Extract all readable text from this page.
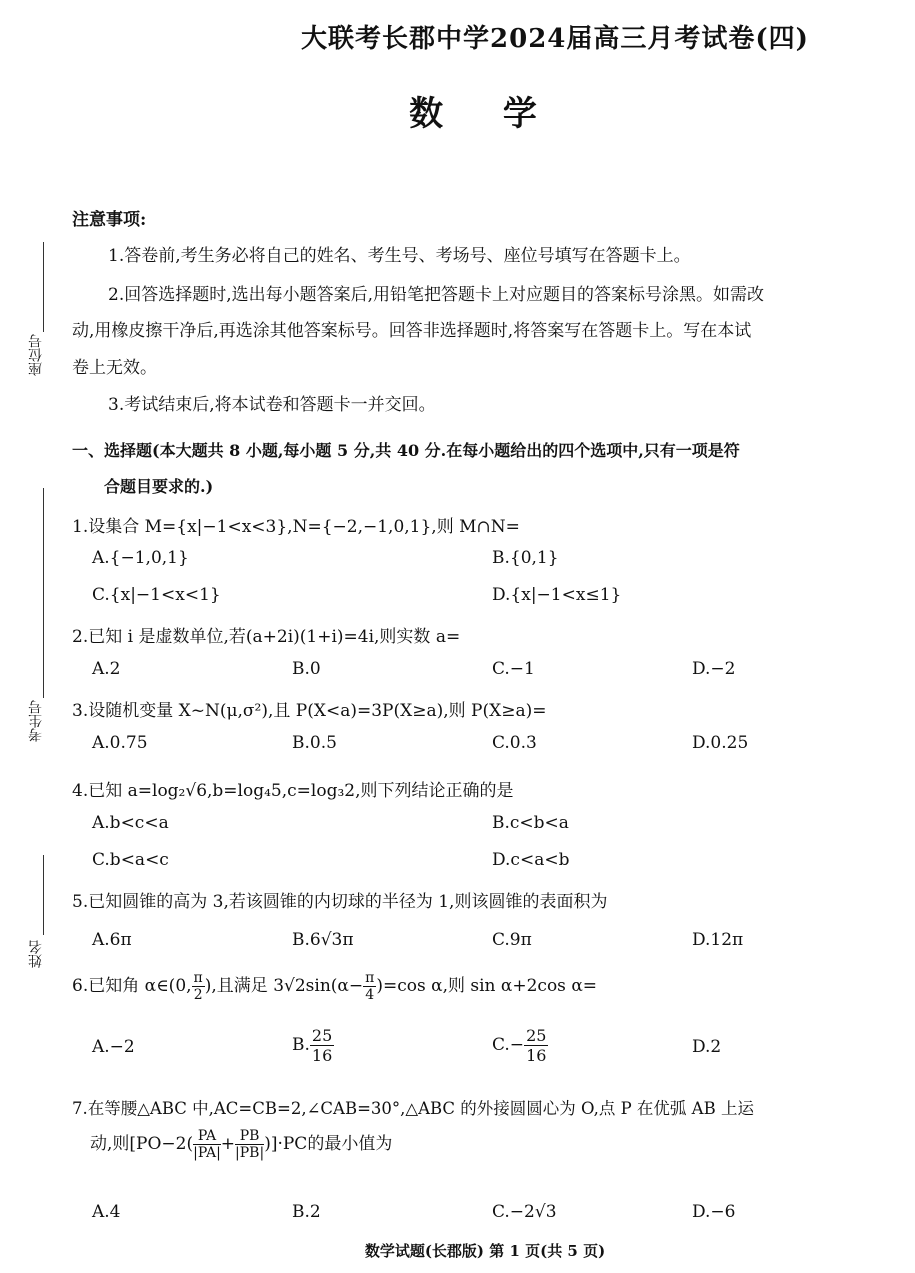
大联考长郡中学2024届高三月考试卷(四)
数 学
座位号
考生号
姓名
注意事项:
1.答卷前,考生务必将自己的姓名、考生号、考场号、座位号填写在答题卡上。
2.回答选择题时,选出每小题答案后,用铅笔把答题卡上对应题目的答案标号涂黑。如需改
动,用橡皮擦干净后,再选涂其他答案标号。回答非选择题时,将答案写在答题卡上。写在本试
卷上无效。
3.考试结束后,将本试卷和答题卡一并交回。
一、选择题(本大题共 8 小题,每小题 5 分,共 40 分.在每小题给出的四个选项中,只有一项是符
合题目要求的.)
1.设集合 M={x|−1<x<3},N={−2,−1,0,1},则 M∩N=
A.{−1,0,1}	B.{0,1}
C.{x|−1<x<1}	D.{x|−1<x≤1}
2.已知 i 是虚数单位,若(a+2i)(1+i)=4i,则实数 a=
A.2	B.0	C.−1	D.−2
3.设随机变量 X~N(μ,σ²),且 P(X<a)=3P(X≥a),则 P(X≥a)=
A.0.75	B.0.5	C.0.3	D.0.25
4.已知 a=log₂√6,b=log₄5,c=log₃2,则下列结论正确的是
A.b<c<a	B.c<b<a
C.b<a<c	D.c<a<b
5.已知圆锥的高为 3,若该圆锥的内切球的半径为 1,则该圆锥的表面积为
A.6π	B.6√3π	C.9π	D.12π
6.已知角 α∈(0, $\frac{\pi}{2}$ ),且满足 $3√2\sin(\alpha- \frac{\pi}{4} )=\cos$ α,则 sin α+2cos α=
A.−2	B. $\frac{25}{16}$	$C.- \frac{25}{16}$	D.2
7.在等腰△ABC 中,AC=CB=2,∠CAB=30°,△ABC 的外接圆圆心为 O,点 P 在优弧 AB 上运
动,则$[PO-2( \frac{PA}{|PA|} + \frac{PB}{|PB|} )]\cdot PC$的最小值为
A.4	B.2	C.−2√3	D.−6
数学试题(长郡版) 第 1 页(共 5 页)
